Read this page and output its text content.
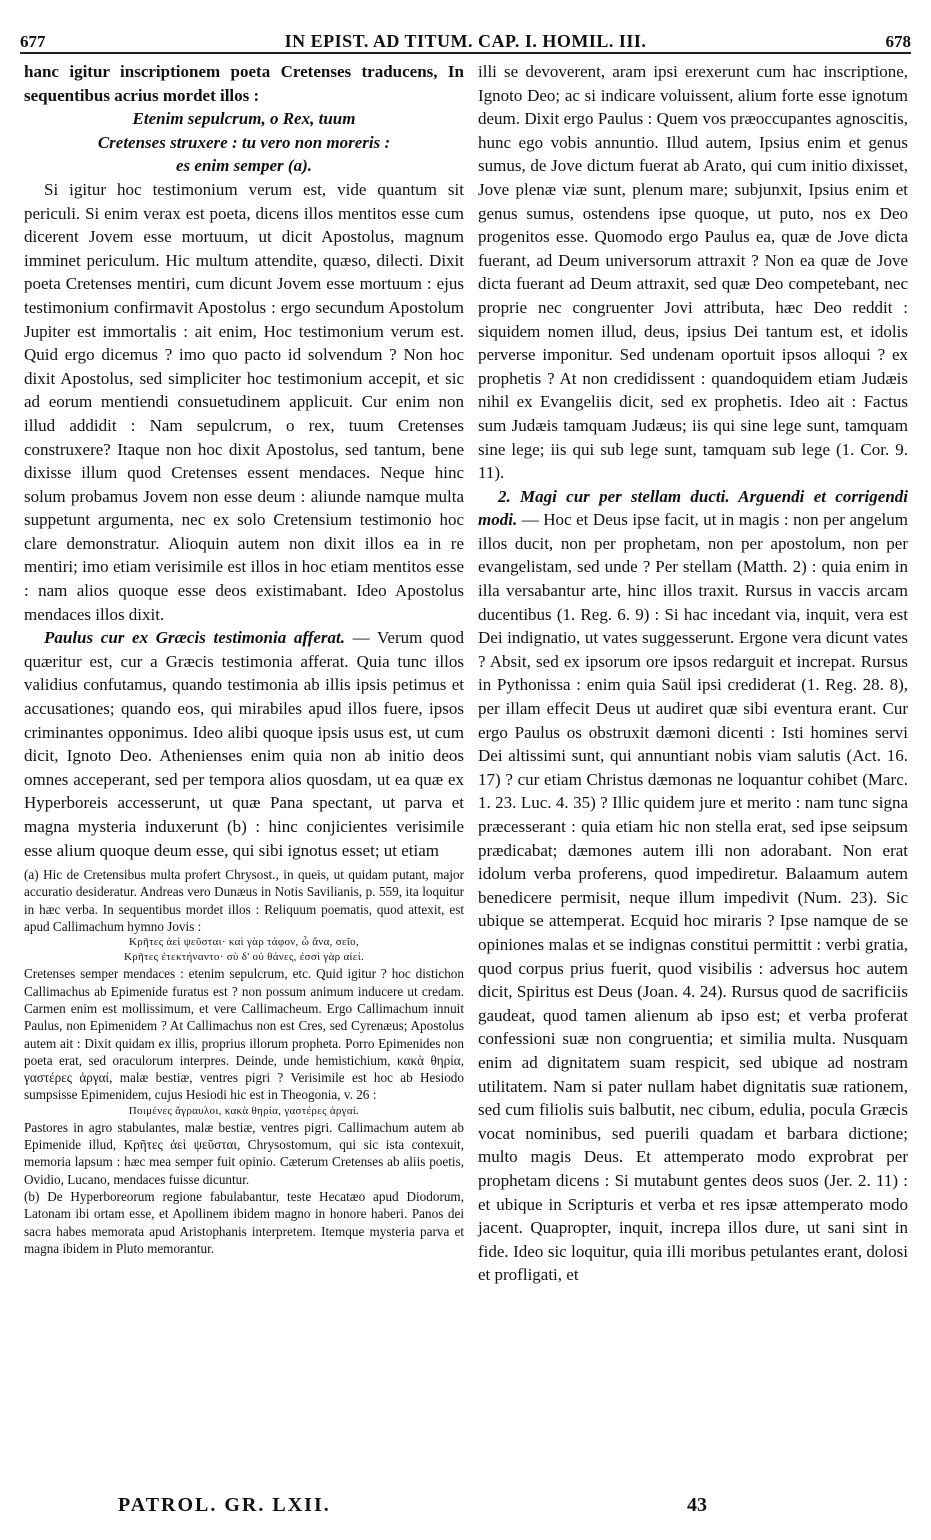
677	IN EPIST. AD TITUM. CAP. I. HOMIL. III.	678

hanc igitur inscriptionem poeta Cretenses traducens, In sequentibus acrius mordet illos :

Etenim sepulcrum, o Rex, tuum

Cretenses struxere : tu vero non moreris :

es enim semper (a).

Si igitur hoc testimonium verum est, vide quantum sit periculi. Si enim verax est poeta, dicens illos mentitos esse cum dicerent Jovem esse mortuum, ut dicit Apostolus, magnum imminet periculum. Hic multum attendite, quæso, dilecti. Dixit poeta Cretenses mentiri, cum dicunt Jovem esse mortuum : ejus testimonium confirmavit Apostolus : ergo secundum Apostolum Jupiter est immortalis : ait enim, Hoc testimonium verum est. Quid ergo dicemus ? imo quo pacto id solvendum ? Non hoc dixit Apostolus, sed simpliciter hoc testimonium accepit, et sic ad eorum mentiendi consuetudinem applicuit. Cur enim non illud addidit : Nam sepulcrum, o rex, tuum Cretenses construxere? Itaque non hoc dixit Apostolus, sed tantum, bene dixisse illum quod Cretenses essent mendaces. Neque hinc solum probamus Jovem non esse deum : aliunde namque multa suppetunt argumenta, nec ex solo Cretensium testimonio hoc clare demonstratur. Alioquin autem non dixit illos ea in re mentiri; imo etiam verisimile est illos in hoc etiam mentitos esse : nam alios quoque esse deos existimabant. Ideo Apostolus mendaces illos dixit.

Paulus cur ex Græcis testimonia afferat. — Verum quod quæritur est, cur a Græcis testimonia afferat. Quia tunc illos validius confutamus, quando testimonia ab illis ipsis petimus et accusationes; quando eos, qui mirabiles apud illos fuere, ipsos criminantes opponimus. Ideo alibi quoque ipsis usus est, ut cum dicit, Ignoto Deo. Athenienses enim quia non ab initio deos omnes acceperant, sed per tempora alios quosdam, ut ea quæ ex Hyperboreis accesserunt, ut quæ Pana spectant, ut parva et magna mysteria induxerunt (b) : hinc conjicientes verisimile esse alium quoque deum esse, qui sibi ignotus esset; ut etiam

(a) Hic de Cretensibus multa profert Chrysost., in queis, ut quidam putant, major accuratio desideratur. Andreas vero Dunæus in Notis Savilianis, p. 559, ita loquitur in hæc verba. In sequentibus mordet illos : Reliquum poematis, quod attexit, est apud Callimachum hymno Jovis :

Κρῆτες ἀεὶ ψεῦσται· καὶ γὰρ τάφον, ὦ ἄνα, σεῖο,

Κρῆτες ἐτεκτήναντο· σὺ δ' οὐ θάνες, ἐσσὶ γὰρ αἰεί.

Cretenses semper mendaces : etenim sepulcrum, etc. Quid igitur ? hoc distichon Callimachus ab Epimenide furatus est ? non possum animum inducere ut credam. Carmen enim est mollissimum, et vere Callimacheum. Ergo Callimachum innuit Paulus, non Epimenidem ? At Callimachus non est Cres, sed Cyrenæus; Apostolus autem ait : Dixit quidam ex illis, proprius illorum propheta. Porro Epimenides non poeta erat, sed oraculorum interpres. Deinde, unde hemistichium, κακὰ θηρία, γαστέρες ἀργαί, malæ bestiæ, ventres pigri ? Verisimile est hoc ab Hesiodo sumpsisse Epimenidem, cujus Hesiodi hic est in Theogonia, v. 26 :

Ποιμένες ἄγραυλοι, κακὰ θηρία, γαστέρες ἀργαί.

Pastores in agro stabulantes, malæ bestiæ, ventres pigri. Callimachum autem ab Epimenide illud, Κρῆτες ἀεὶ ψεῦσται, Chrysostomum, qui sic ista contexuit, memoria lapsum : hæc mea semper fuit opinio. Cæterum Cretenses ab aliis poetis, Ovidio, Lucano, mendaces fuisse dicuntur.

(b) De Hyperboreorum regione fabulabantur, teste Hecatæo apud Diodorum, Latonam ibi ortam esse, et Apollinem ibidem magno in honore haberi. Panos dei sacra habes memorata apud Aristophanis interpretem. Itemque mysteria parva et magna ibidem in Pluto memorantur.

illi se devoverent, aram ipsi erexerunt cum hac inscriptione, Ignoto Deo; ac si indicare voluissent, alium forte esse ignotum deum. Dixit ergo Paulus : Quem vos præoccupantes agnoscitis, hunc ego vobis annuntio. Illud autem, Ipsius enim et genus sumus, de Jove dictum fuerat ab Arato, qui cum initio dixisset, Jove plenæ viæ sunt, plenum mare; subjunxit, Ipsius enim et genus sumus, ostendens ipse quoque, ut puto, nos ex Deo progenitos esse. Quomodo ergo Paulus ea, quæ de Jove dicta fuerant, ad Deum universorum attraxit ? Non ea quæ de Jove dicta fuerant ad Deum attraxit, sed quæ Deo competebant, nec proprie nec congruenter Jovi attributa, hæc Deo reddit : siquidem nomen illud, deus, ipsius Dei tantum est, et idolis perverse imponitur. Sed undenam oportuit ipsos alloqui ? ex prophetis ? At non credidissent : quandoquidem etiam Judæis nihil ex Evangeliis dicit, sed ex prophetis. Ideo ait : Factus sum Judæis tamquam Judæus; iis qui sine lege sunt, tamquam sine lege; iis qui sub lege sunt, tamquam sub lege (1. Cor. 9. 11).

2. Magi cur per stellam ducti. Arguendi et corrigendi modi. — Hoc et Deus ipse facit, ut in magis : non per angelum illos ducit, non per prophetam, non per apostolum, non per evangelistam, sed unde ? Per stellam (Matth. 2) : quia enim in illa versabantur arte, hinc illos traxit. Rursus in vaccis arcam ducentibus (1. Reg. 6. 9) : Si hac incedant via, inquit, vera est Dei indignatio, ut vates suggesserunt. Ergone vera dicunt vates ? Absit, sed ex ipsorum ore ipsos redarguit et increpat. Rursus in Pythonissa : enim quia Saül ipsi crediderat (1. Reg. 28. 8), per illam effecit Deus ut audiret quæ sibi eventura erant. Cur ergo Paulus os obstruxit dæmoni dicenti : Isti homines servi Dei altissimi sunt, qui annuntiant nobis viam salutis (Act. 16. 17) ? cur etiam Christus dæmonas ne loquantur cohibet (Marc. 1. 23. Luc. 4. 35) ? Illic quidem jure et merito : nam tunc signa præcesserant : quia etiam hic non stella erat, sed ipse seipsum prædicabat; dæmones autem illi non adorabant. Non erat idolum verba proferens, quod impediretur. Balaamum autem benedicere permisit, neque illum impedivit (Num. 23). Sic ubique se attemperat. Ecquid hoc miraris ? Ipse namque de se opiniones malas et se indignas constitui permittit : verbi gratia, quod corpus prius fuerit, quod visibilis : adversus hoc autem dicit, Spiritus est Deus (Joan. 4. 24). Rursus quod de sacrificiis gaudeat, quod tamen alienum ab ipso est; et verba proferat confessioni suæ non congruentia; et similia multa. Nusquam enim ad dignitatem suam respicit, sed ubique ad nostram utilitatem. Nam si pater nullam habet dignitatis suæ rationem, sed cum filiolis suis balbutit, nec cibum, edulia, pocula Græcis vocat nominibus, sed puerili quadam et barbara dictione; multo magis Deus. Et attemperato modo exprobrat per prophetam dicens : Si mutabunt gentes deos suos (Jer. 2. 11) : et ubique in Scripturis et verba et res ipsæ attemperato modo jacent. Quapropter, inquit, increpa illos dure, ut sani sint in fide. Ideo sic loquitur, quia illi moribus petulantes erant, dolosi et profligati, et

PATROL. GR. LXII.	43
